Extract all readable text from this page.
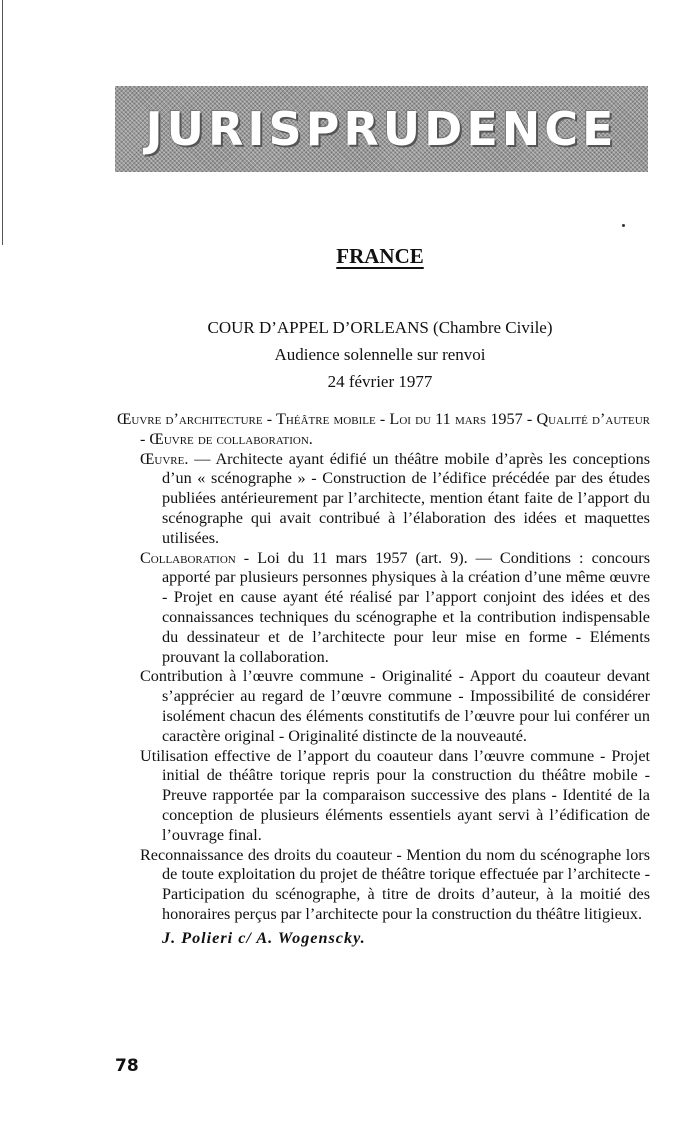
JURISPRUDENCE
FRANCE
COUR D’APPEL D’ORLEANS (Chambre Civile)
Audience solennelle sur renvoi
24 février 1977

Œuvre d’architecture - Théâtre mobile - Loi du 11 mars 1957 - Qualité d’auteur - Œuvre de collaboration.

Œuvre. — Architecte ayant édifié un théâtre mobile d’après les conceptions d’un « scénographe » - Construction de l’édifice précédée par des études publiées antérieurement par l’architecte, mention étant faite de l’apport du scénographe qui avait contribué à l’élaboration des idées et maquettes utilisées.

Collaboration - Loi du 11 mars 1957 (art. 9). — Conditions : concours apporté par plusieurs personnes physiques à la création d’une même œuvre - Projet en cause ayant été réalisé par l’apport conjoint des idées et des connaissances techniques du scénographe et la contribution indispensable du dessinateur et de l’architecte pour leur mise en forme - Eléments prouvant la collaboration.

Contribution à l’œuvre commune - Originalité - Apport du coauteur devant s’apprécier au regard de l’œuvre commune - Impossibilité de considérer isolément chacun des éléments constitutifs de l’œuvre pour lui conférer un caractère original - Originalité distincte de la nouveauté.

Utilisation effective de l’apport du coauteur dans l’œuvre commune - Projet initial de théâtre torique repris pour la construction du théâtre mobile - Preuve rapportée par la comparaison successive des plans - Identité de la conception de plusieurs éléments essentiels ayant servi à l’édification de l’ouvrage final.

Reconnaissance des droits du coauteur - Mention du nom du scénographe lors de toute exploitation du projet de théâtre torique effectuée par l’architecte - Participation du scénographe, à titre de droits d’auteur, à la moitié des honoraires perçus par l’architecte pour la construction du théâtre litigieux.

J. Polieri c/ A. Wogenscky.

78
